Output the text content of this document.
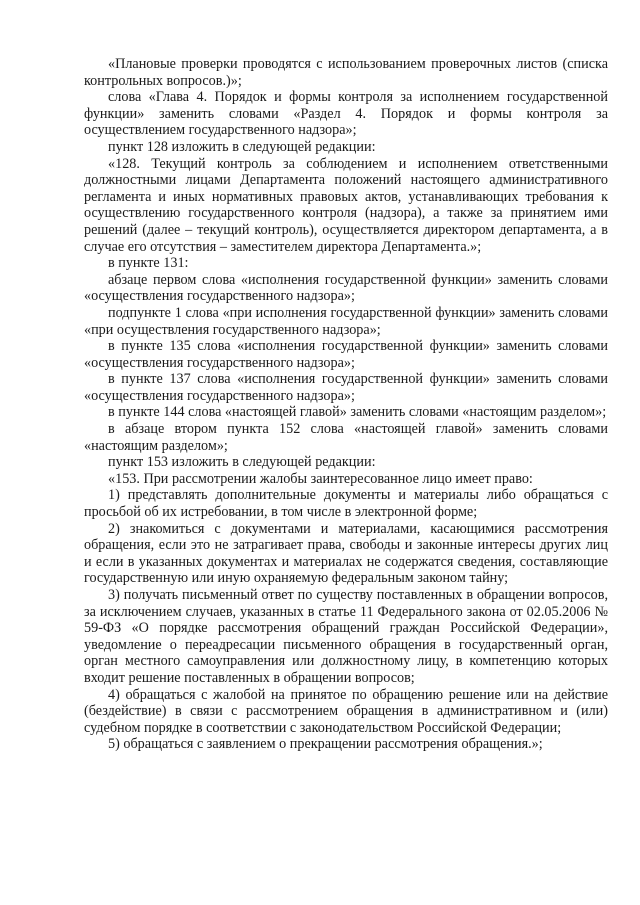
«Плановые проверки проводятся с использованием проверочных листов (списка контрольных вопросов.)»;

слова «Глава 4. Порядок и формы контроля за исполнением государственной функции» заменить словами «Раздел 4. Порядок и формы контроля за осуществлением государственного надзора»;

пункт 128 изложить в следующей редакции:

«128. Текущий контроль за соблюдением и исполнением ответственными должностными лицами Департамента положений настоящего административного регламента и иных нормативных правовых актов, устанавливающих требования к осуществлению государственного контроля (надзора), а также за принятием ими решений (далее – текущий контроль), осуществляется директором департамента, а в случае его отсутствия – заместителем директора Департамента.»;

в пункте 131:

абзаце первом слова «исполнения государственной функции» заменить словами «осуществления государственного надзора»;

подпункте 1 слова «при исполнения государственной функции» заменить словами «при осуществления государственного надзора»;

в пункте 135 слова «исполнения государственной функции» заменить словами «осуществления государственного надзора»;

в пункте 137 слова «исполнения государственной функции» заменить словами «осуществления государственного надзора»;

в пункте 144 слова «настоящей главой» заменить словами «настоящим разделом»;

в абзаце втором пункта 152 слова «настоящей главой» заменить словами «настоящим разделом»;

пункт 153 изложить в следующей редакции:

«153. При рассмотрении жалобы заинтересованное лицо имеет право:

1) представлять дополнительные документы и материалы либо обращаться с просьбой об их истребовании, в том числе в электронной форме;

2) знакомиться с документами и материалами, касающимися рассмотрения обращения, если это не затрагивает права, свободы и законные интересы других лиц и если в указанных документах и материалах не содержатся сведения, составляющие государственную или иную охраняемую федеральным законом тайну;

3) получать письменный ответ по существу поставленных в обращении вопросов, за исключением случаев, указанных в статье 11 Федерального закона от 02.05.2006 № 59-ФЗ «О порядке рассмотрения обращений граждан Российской Федерации», уведомление о переадресации письменного обращения в государственный орган, орган местного самоуправления или должностному лицу, в компетенцию которых входит решение поставленных в обращении вопросов;

4) обращаться с жалобой на принятое по обращению решение или на действие (бездействие) в связи с рассмотрением обращения в административном и (или) судебном порядке в соответствии с законодательством Российской Федерации;

5) обращаться с заявлением о прекращении рассмотрения обращения.»;
